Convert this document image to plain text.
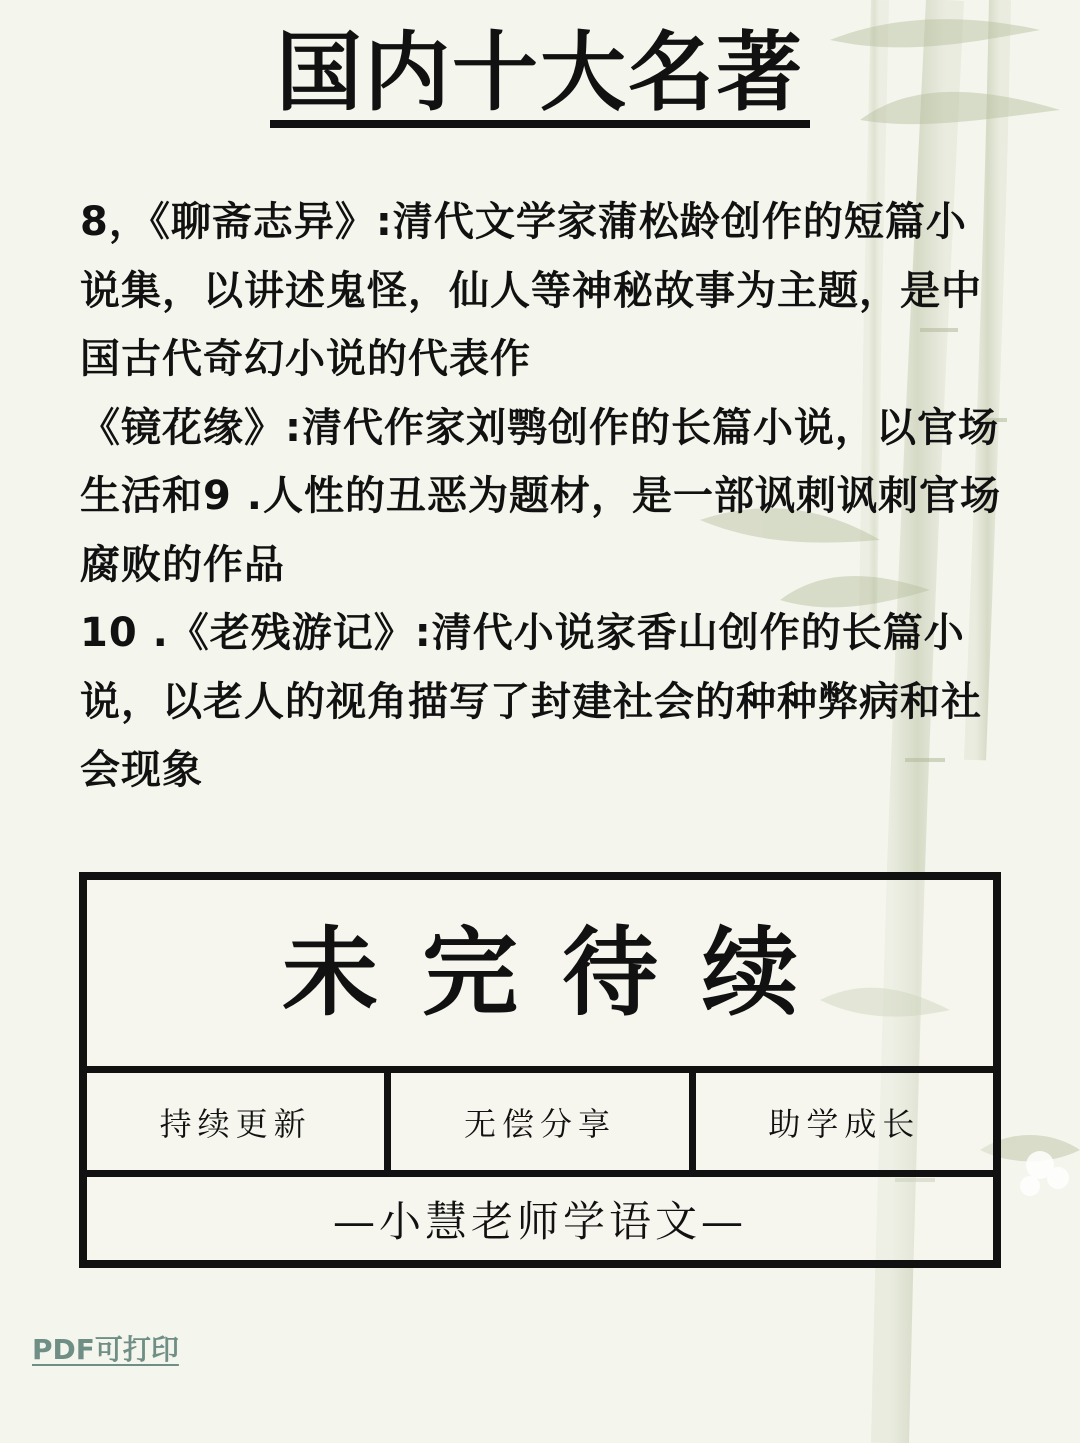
国内十大名著

8，《聊斋志异》:清代文学家蒲松龄创作的短篇小说集，以讲述鬼怪，仙人等神秘故事为主题，是中国古代奇幻小说的代表作

《镜花缘》:清代作家刘鹗创作的长篇小说，以官场生活和9 .人性的丑恶为题材，是一部讽刺讽刺官场腐败的作品

10 .《老残游记》:清代小说家香山创作的长篇小说，以老人的视角描写了封建社会的种种弊病和社会现象

未完待续
持续更新	无偿分享	助学成长
—小慧老师学语文—
PDF可打印
